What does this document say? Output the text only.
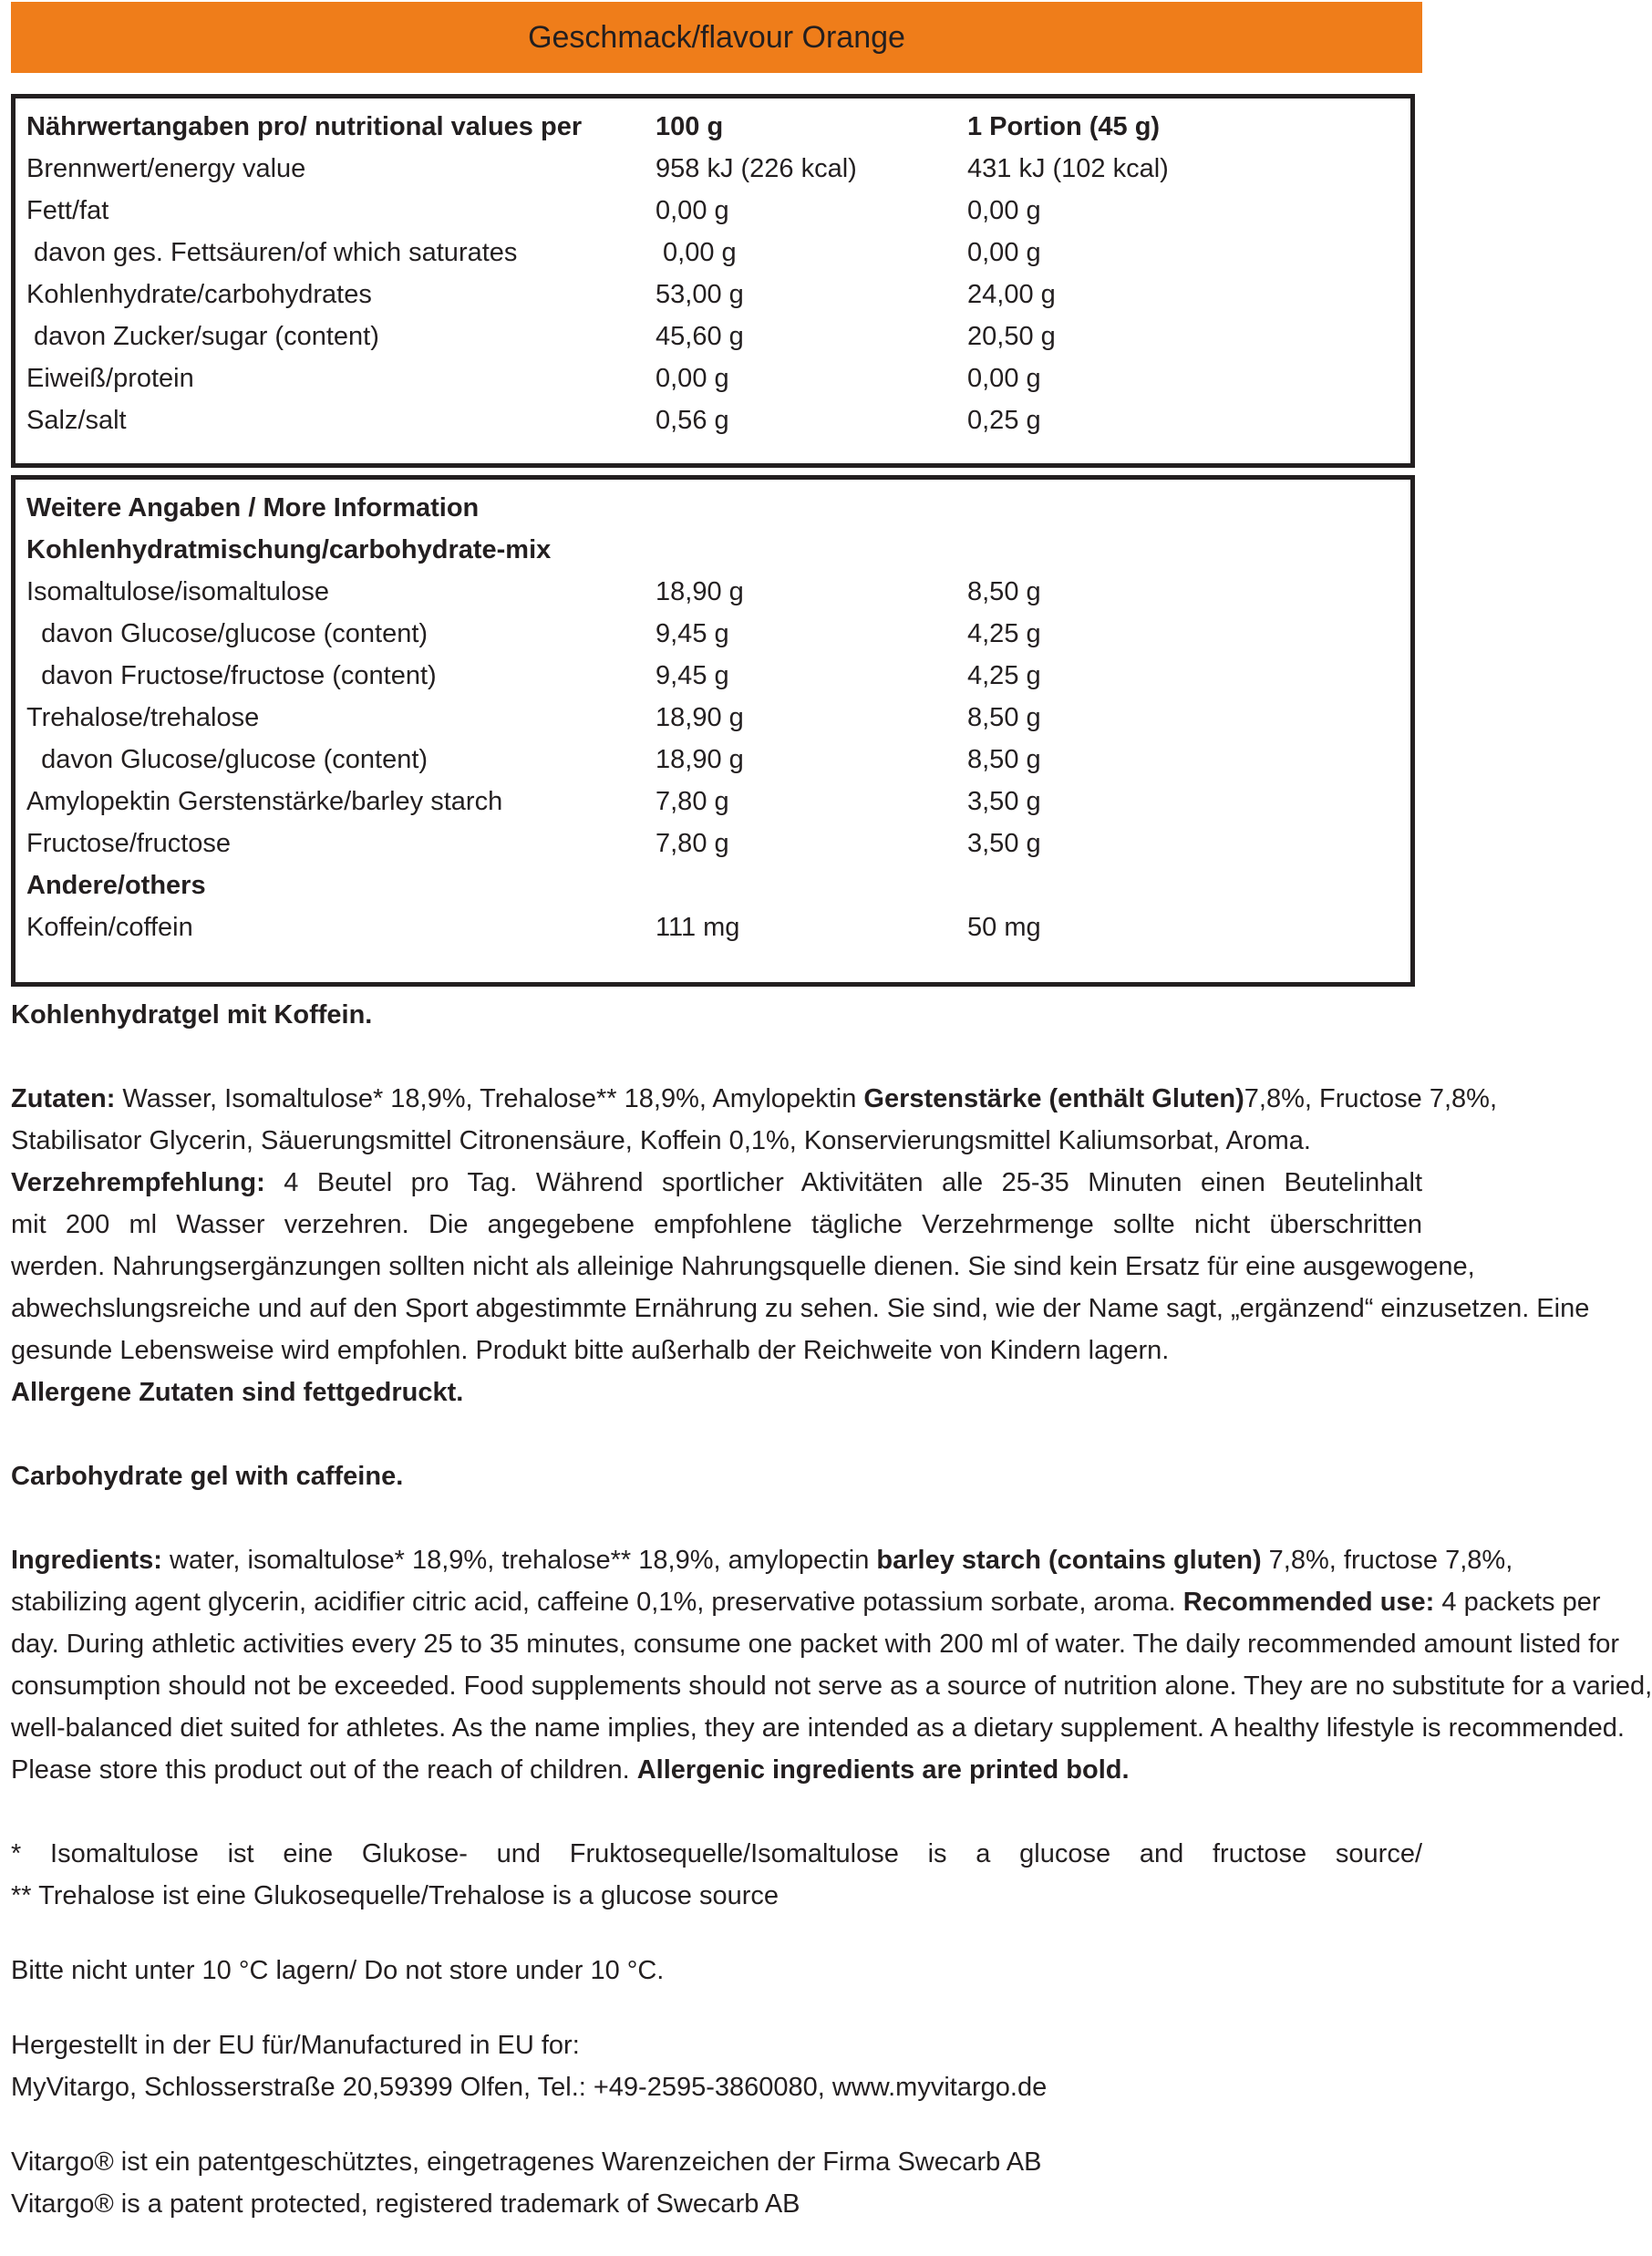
Geschmack/flavour Orange
Nährwertangaben pro/ nutritional values per	100 g	1 Portion (45 g)
Brennwert/energy value	958 kJ (226 kcal)	431 kJ (102 kcal)
Fett/fat	0,00 g	0,00 g
davon ges. Fettsäuren/of which saturates	0,00 g	0,00 g
Kohlenhydrate/carbohydrates	53,00 g	24,00 g
davon Zucker/sugar (content)	45,60 g	20,50 g
Eiweiß/protein	0,00 g	0,00 g
Salz/salt	0,56 g	0,25 g
Weitere Angaben / More Information
Kohlenhydratmischung/carbohydrate-mix
Isomaltulose/isomaltulose	18,90 g	8,50 g
davon Glucose/glucose (content)	9,45 g	4,25 g
davon Fructose/fructose (content)	9,45 g	4,25 g
Trehalose/trehalose	18,90 g	8,50 g
davon Glucose/glucose (content)	18,90 g	8,50 g
Amylopektin Gerstenstärke/barley starch	7,80 g	3,50 g
Fructose/fructose	7,80 g	3,50 g
Andere/others
Koffein/coffein	111 mg	50 mg
Kohlenhydratgel mit Koffein.
Zutaten: Wasser, Isomaltulose* 18,9%, Trehalose** 18,9%, Amylopektin Gerstenstärke (enthält Gluten)7,8%, Fructose 7,8%,
Stabilisator Glycerin, Säuerungsmittel Citronensäure, Koffein 0,1%, Konservierungsmittel Kaliumsorbat, Aroma.
Verzehrempfehlung: 4 Beutel pro Tag. Während sportlicher Aktivitäten alle 25-35 Minuten einen Beutelinhalt
mit 200 ml Wasser verzehren. Die angegebene empfohlene tägliche Verzehrmenge sollte nicht überschritten
werden. Nahrungsergänzungen sollten nicht als alleinige Nahrungsquelle dienen. Sie sind kein Ersatz für eine ausgewogene,
abwechslungsreiche und auf den Sport abgestimmte Ernährung zu sehen. Sie sind, wie der Name sagt, „ergänzend“ einzusetzen. Eine
gesunde Lebensweise wird empfohlen. Produkt bitte außerhalb der Reichweite von Kindern lagern.
Allergene Zutaten sind fettgedruckt.
Carbohydrate gel with caffeine.
Ingredients: water, isomaltulose* 18,9%, trehalose** 18,9%, amylopectin barley starch (contains gluten) 7,8%, fructose 7,8%,
stabilizing agent glycerin, acidifier citric acid, caffeine 0,1%, preservative potassium sorbate, aroma. Recommended use: 4 packets per
day. During athletic activities every 25 to 35 minutes, consume one packet with 200 ml of water. The daily recommended amount listed for
consumption should not be exceeded. Food supplements should not serve as a source of nutrition alone. They are no substitute for a varied,
well-balanced diet suited for athletes. As the name implies, they are intended as a dietary supplement. A healthy lifestyle is recommended.
Please store this product out of the reach of children. Allergenic ingredients are printed bold.
* Isomaltulose ist eine Glukose- und Fruktosequelle/Isomaltulose is a glucose and fructose source/
** Trehalose ist eine Glukosequelle/Trehalose is a glucose source
Bitte nicht unter 10 °C lagern/ Do not store under 10 °C.
Hergestellt in der EU für/Manufactured in EU for:
MyVitargo, Schlosserstraße 20,59399 Olfen, Tel.: +49-2595-3860080, www.myvitargo.de
Vitargo® ist ein patentgeschütztes, eingetragenes Warenzeichen der Firma Swecarb AB
Vitargo® is a patent protected, registered trademark of Swecarb AB
